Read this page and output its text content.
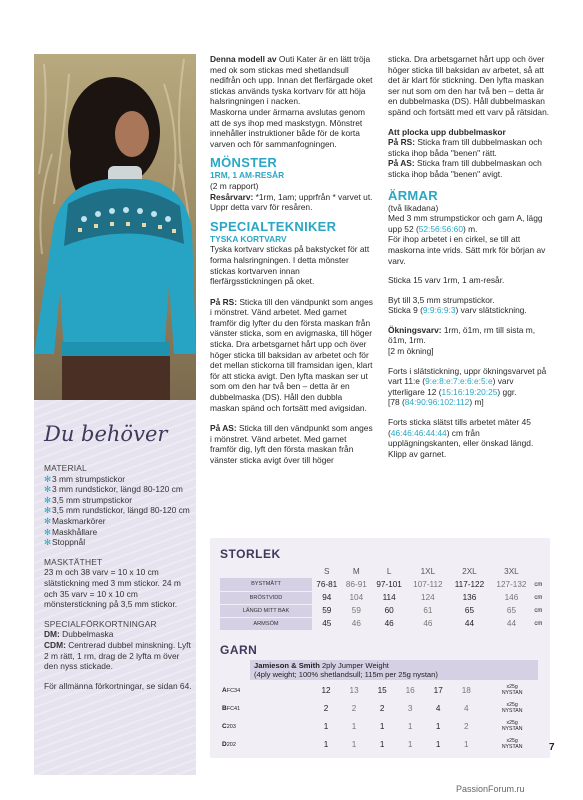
Du behöver
MATERIAL
✻ 3 mm strumpstickor
✻ 3 mm rundstickor, längd 80-120 cm
✻ 3,5 mm strumpstickor
✻ 3,5 mm rundstickor, längd 80-120 cm
✻ Maskmarkörer
✻ Maskhållare
✻ Stoppnål
MASKTÄTHET
23 m och 38 varv = 10 x 10 cm slätstickning med 3 mm stickor. 24 m och 35 varv = 10 x 10 cm mönsterstickning på 3,5 mm stickor.
SPECIALFÖRKORTNINGAR
DM: Dubbelmaska
CDM: Centrerad dubbel minskning. Lyft 2 m rätt, 1 rm, drag de 2 lyfta m över den nyss stickade.
För allmänna förkortningar, se sidan 64.

Denna modell av Outi Kater är en lätt tröja med ok som stickas med shetlandsull nedifrån och upp. Innan det flerfärgade oket stickas används tyska kortvarv för att höja halsringningen i nacken.

Maskorna under ärmarna avslutas genom att de sys ihop med maskstygn. Mönstret innehåller instruktioner både för de korta varven och för sammanfogningen.

MÖNSTER
1RM, 1 AM-RESÅR

(2 m rapport)

Resårvarv: *1rm, 1am; upprfrån * varvet ut. Uppr detta varv för resåren.

SPECIALTEKNIKER
TYSKA KORTVARV

Tyska kortvarv stickas på bakstycket för att forma halsringningen. I detta mönster stickas kortvarven innan flerfärgsstickningen på oket.

På RS: Sticka till den vändpunkt som anges i mönstret. Vänd arbetet. Med garnet framför dig lyfter du den första maskan från vänster sticka, som en avigmaska, till höger sticka. Dra arbetsgarnet hårt upp och över höger sticka till baksidan av arbetet och för det mellan stickorna till framsidan igen, klart för att sticka avigt. Den lyfta maskan ser ut som om den har två ben – detta är en dubbelmaska (DS). Håll den dubbla maskan spänd och fortsätt med avigsidan.

På AS: Sticka till den vändpunkt som anges i mönstret. Vänd arbetet. Med garnet framför dig, lyft den första maskan från vänster sticka avigt över till höger

sticka. Dra arbetsgarnet hårt upp och över höger sticka till baksidan av arbetet, så att det är klart för stickning. Den lyfta maskan ser nut som om den har två ben – detta är en dubbelmaska (DS). Håll dubbelmaskan spänd och fortsätt med ett varv på rätsidan.

Att plocka upp dubbelmaskor

På RS: Sticka fram till dubbelmaskan och sticka ihop båda "benen" rätt.

På AS: Sticka fram till dubbelmaskan och sticka ihop båda "benen" avigt.

ÄRMAR

(två likadana)

Med 3 mm strumpstickor och garn A, lägg upp 52 (52:56:56:60) m.

För ihop arbetet i en cirkel, se till att maskorna inte vrids. Sätt mrk för början av varv.

Sticka 15 varv 1rm, 1 am-resår.

Byt till 3,5 mm strumpstickor.

Sticka 9 (9:9:6:9:3) varv slätstickning.

Ökningsvarv: 1rm, ö1m, rm till sista m, ö1m, 1rm.

[2 m ökning]

Forts i slätstickning, uppr ökningsvarvet på vart 11:e (9:e:8:e:7:e:6:e:5:e) varv ytterligare 12 (15:16:19:20:25) ggr.
[78 (84:90:96:102:112) m]

Forts sticka slätst tills arbetet mäter 45 (46:46:46:44:44) cm från upplägningskanten, eller önskad längd. Klipp av garnet.

STORLEK
	S	M	L	1XL	2XL	3XL	
BYSTMÅTT	76-81	86-91	97-101	107-112	117-122	127-132	cm
BRÖSTVIDD	94	104	114	124	136	146	cm
LÄNGD MITT BAK	59	59	60	61	65	65	cm
ARMSÖM	45	46	46	46	44	44	cm
GARN
Jamieson & Smith 2ply Jumper Weight
(4ply weight; 100% shetlandsull; 115m per 25g nystan)
AFC34		12	13	15	16	17	18	x25g
NYSTAN

BFC41		2	2	2	3	4	4	x25g
NYSTAN

C203		1	1	1	1	1	2	x25g
NYSTAN

D202		1	1	1	1	1	1	x25g
NYSTAN	7
PassionForum.ru
